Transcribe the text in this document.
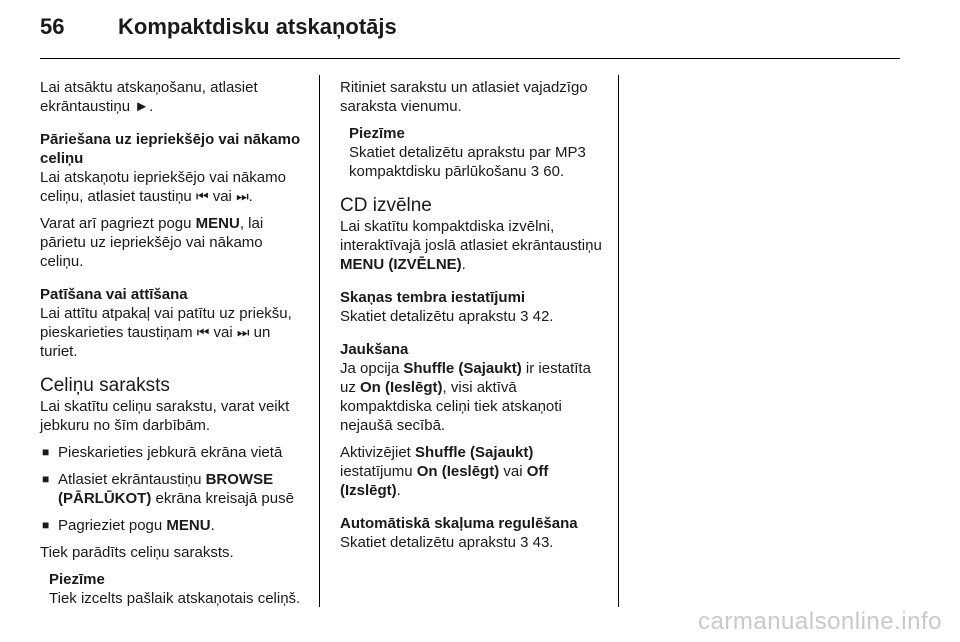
56	Kompaktdisku atskaņotājs

Lai atsāktu atskaņošanu, atlasiet ekrāntaustiņu ►.

Pāriešana uz iepriekšējo vai nākamo celiņu

Lai atskaņotu iepriekšējo vai nākamo celiņu, atlasiet taustiņu ⏮ vai ⏭.

Varat arī pagriezt pogu MENU, lai pārietu uz iepriekšējo vai nākamo celiņu.

Patīšana vai attīšana

Lai attītu atpakaļ vai patītu uz priekšu, pieskarieties taustiņam ⏮ vai ⏭ un turiet.

Celiņu saraksts

Lai skatītu celiņu sarakstu, varat veikt jebkuru no šīm darbībām.

■ Pieskarieties jebkurā ekrāna vietā
■ Atlasiet ekrāntaustiņu BROWSE (PĀRLŪKOT) ekrāna kreisajā pusē
■ Pagrieziet pogu MENU.

Tiek parādīts celiņu saraksts.

Piezīme
Tiek izcelts pašlaik atskaņotais celiņš.

Ritiniet sarakstu un atlasiet vajadzīgo saraksta vienumu.

Piezīme
Skatiet detalizētu aprakstu par MP3 kompaktdisku pārlūkošanu 3 60.
CD izvēlne

Lai skatītu kompaktdiska izvēlni, interaktīvajā joslā atlasiet ekrāntaustiņu MENU (IZVĒLNE).

Skaņas tembra iestatījumi

Skatiet detalizētu aprakstu 3 42.

Jaukšana

Ja opcija Shuffle (Sajaukt) ir iestatīta uz On (Ieslēgt), visi aktīvā kompaktdiska celiņi tiek atskaņoti nejaušā secībā.

Aktivizējiet Shuffle (Sajaukt) iestatījumu On (Ieslēgt) vai Off (Izslēgt).

Automātiskā skaļuma regulēšana

Skatiet detalizētu aprakstu 3 43.

carmanualsonline.info
